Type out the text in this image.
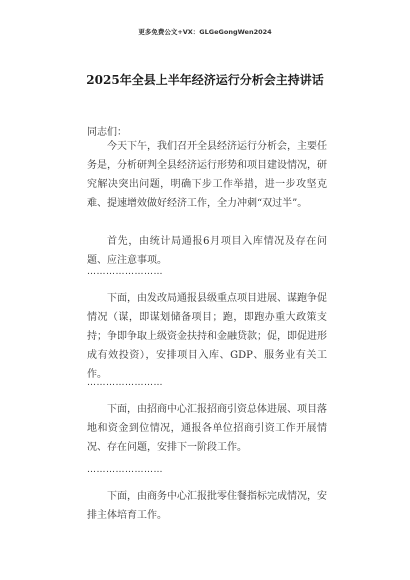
更多免费公文+VX：GLGeGongWen2024
2025年全县上半年经济运行分析会主持讲话
同志们：

今天下午，我们召开全县经济运行分析会，主要任务是，分析研判全县经济运行形势和项目建设情况，研究解决突出问题，明确下步工作举措，进一步攻坚克难、提速增效做好经济工作，全力冲刺“双过半”。

首先，由统计局通报6月项目入库情况及存在问题、应注意事项。

……………………

下面，由发改局通报县级重点项目进展、谋跑争促情况（谋，即谋划储备项目；跑，即跑办重大政策支持；争即争取上级资金扶持和金融贷款；促，即促进形成有效投资），安排项目入库、GDP、服务业有关工作。

……………………

下面，由招商中心汇报招商引资总体进展、项目落地和资金到位情况，通报各单位招商引资工作开展情况、存在问题，安排下一阶段工作。

……………………

下面，由商务中心汇报批零住餐指标完成情况，安排主体培育工作。
